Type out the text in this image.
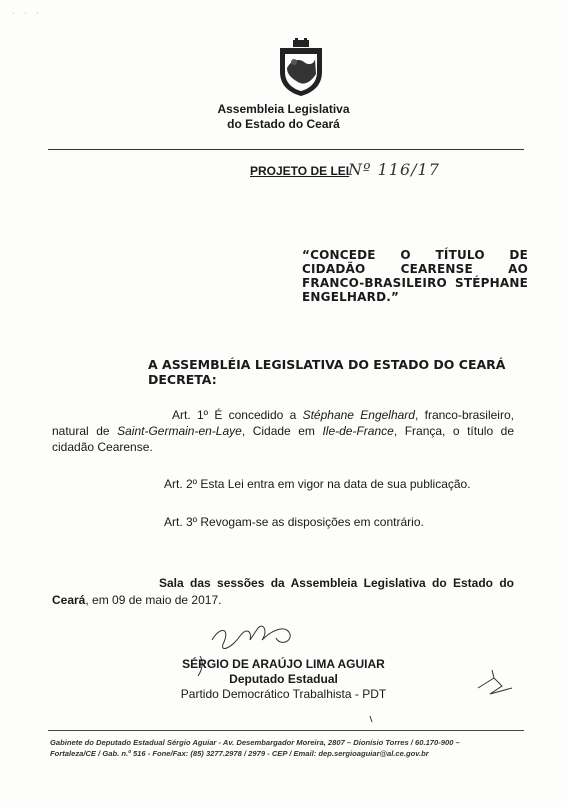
· · ·
Assembleia Legislativa
do Estado do Ceará
PROJETO DE LEI
Nº 116/17
“CONCEDE O TÍTULO DE CIDADÃO CEARENSE AO FRANCO-BRASILEIRO STÉPHANE ENGELHARD.”
A ASSEMBLÉIA LEGISLATIVA DO ESTADO DO CEARÁ DECRETA:
Art. 1º É concedido a Stéphane Engelhard, franco-brasileiro, natural de Saint-Germain-en-Laye, Cidade em Ile-de-France, França, o título de cidadão Cearense.
Art. 2º Esta Lei entra em vigor na data de sua publicação.
Art. 3º Revogam-se as disposições em contrário.
Sala das sessões da Assembleia Legislativa do Estado do Ceará, em 09 de maio de 2017.
SÉRGIO DE ARAÚJO LIMA AGUIAR
Deputado Estadual
Partido Democrático Trabalhista - PDT
Gabinete do Deputado Estadual Sérgio Aguiar - Av. Desembargador Moreira, 2807 – Dionísio Torres / 60.170-900 –
Fortaleza/CE / Gab. n.º 516 - Fone/Fax: (85) 3277.2978 / 2979 - CEP / Email: dep.sergioaguiar@al.ce.gov.br
